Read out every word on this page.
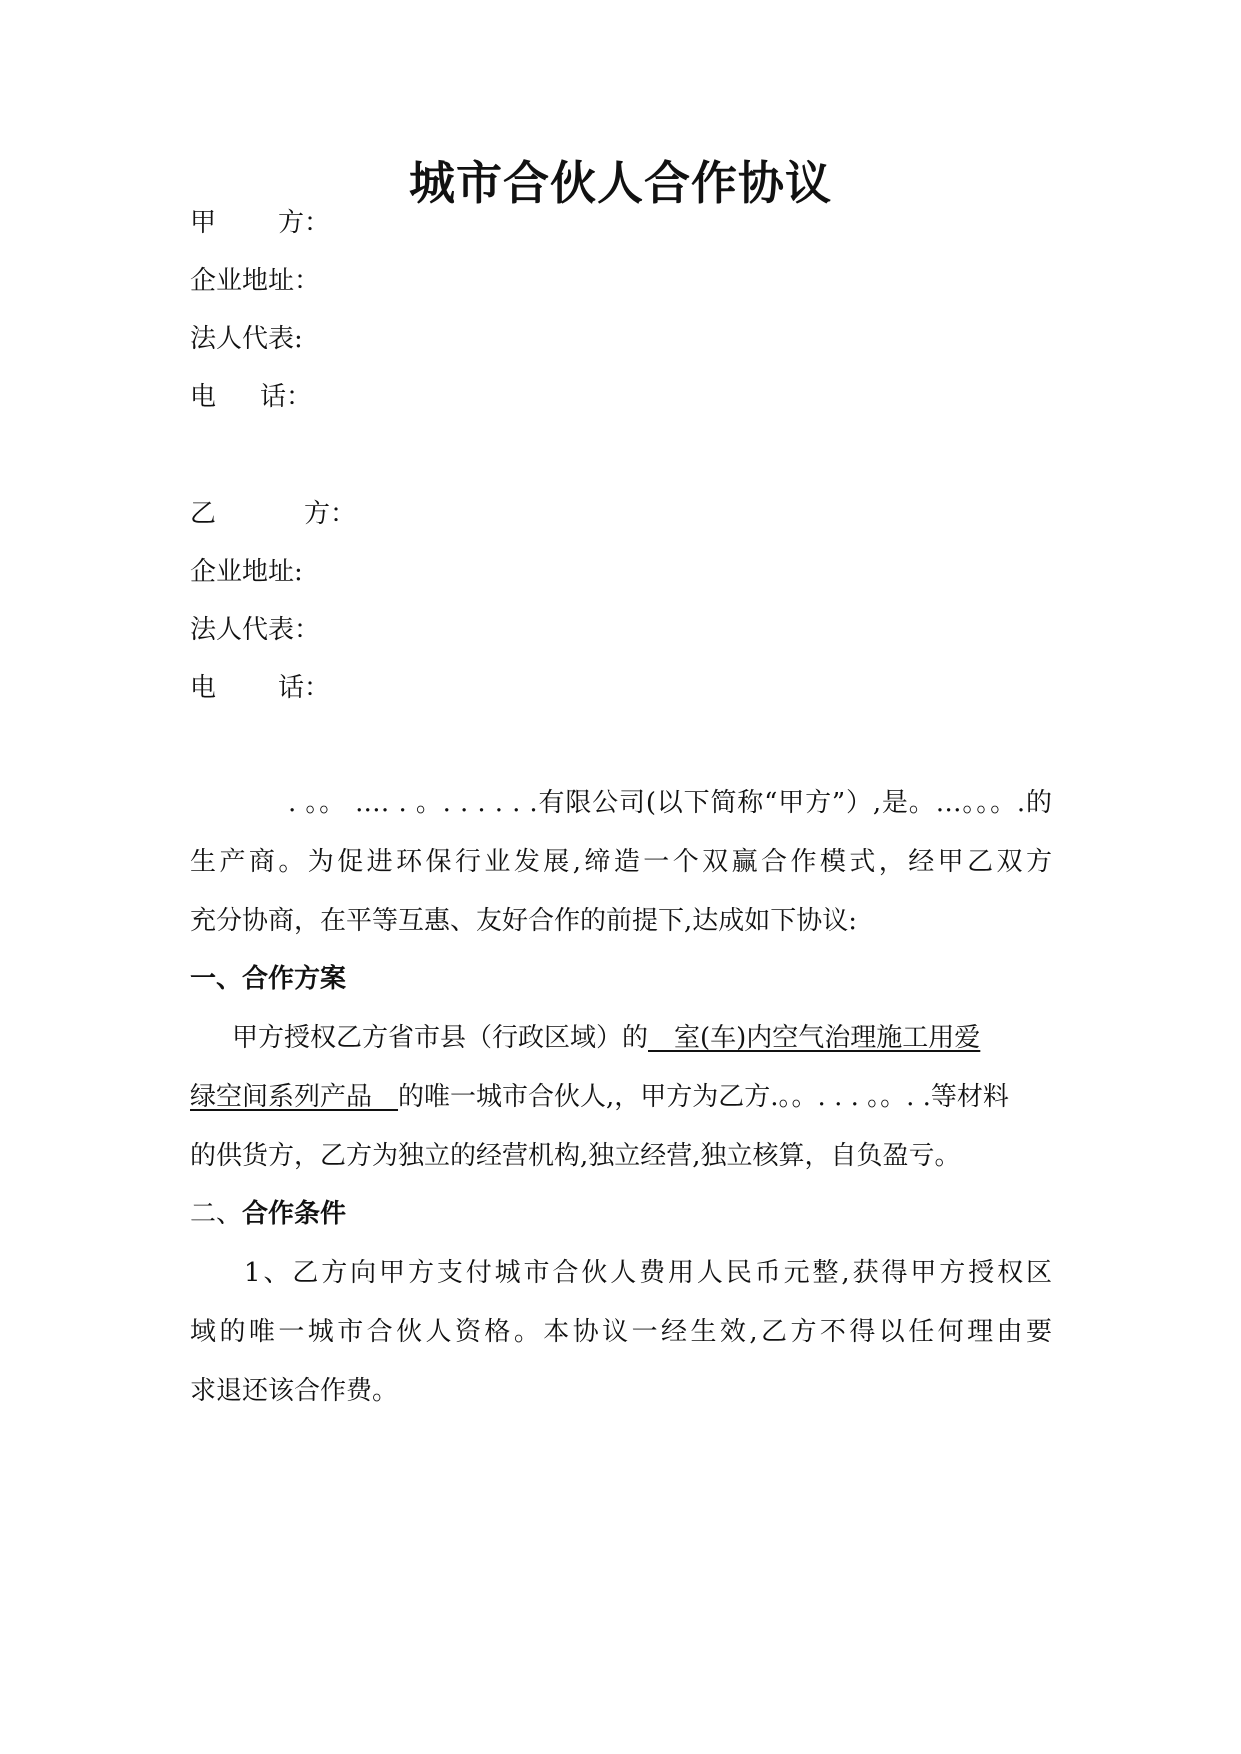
城市合伙人合作协议
甲 方：
企业地址：
法人代表:
电 话：
乙	方：
企业地址:
法人代表：
电 话：
. 。。 .… . 。. . . . . .有限公司(以下简称“甲方”）,是。…。。。.的
生产商。为促进环保行业发展,缔造一个双赢合作模式，经甲乙双方
充分协商，在平等互惠、友好合作的前提下,达成如下协议:
一、合作方案
甲方授权乙方省市县（行政区域）的　室(车)内空气治理施工用爱
绿空间系列产品　的唯一城市合伙人,，甲方为乙方.。。. . . 。。. .等材料
的供货方，乙方为独立的经营机构,独立经营,独立核算，自负盈亏。
二、合作条件
1、乙方向甲方支付城市合伙人费用人民币元整,获得甲方授权区
域的唯一城市合伙人资格。本协议一经生效,乙方不得以任何理由要
求退还该合作费。
